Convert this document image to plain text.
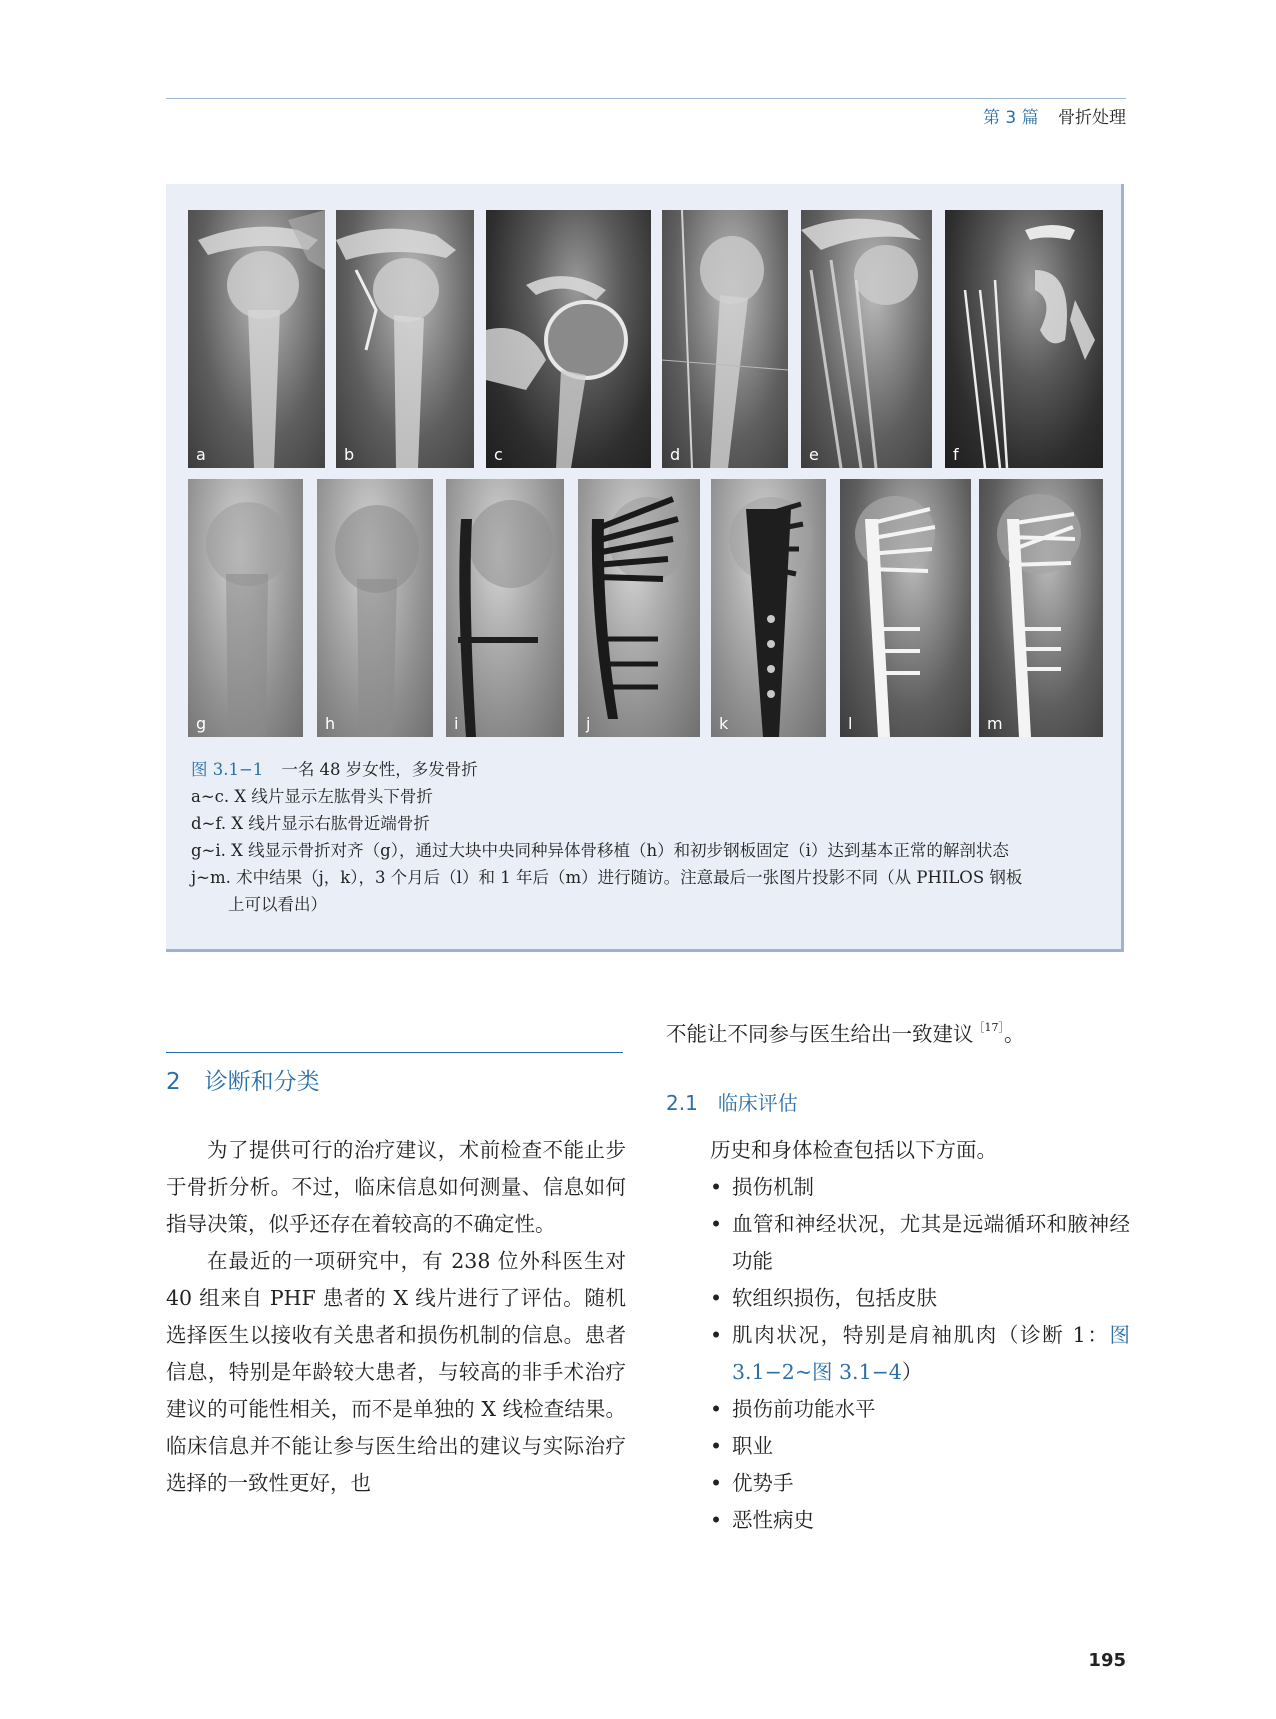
第 3 篇 骨折处理
a	b	c	d	e	f
g	h	i	j	k	l	m
图 3.1−1 一名 48 岁女性，多发骨折
a~c. X 线片显示左肱骨头下骨折
d~f. X 线片显示右肱骨近端骨折
g~i. X 线显示骨折对齐（g），通过大块中央同种异体骨移植（h）和初步钢板固定（i）达到基本正常的解剖状态
j~m. 术中结果（j，k），3 个月后（l）和 1 年后（m）进行随访。注意最后一张图片投影不同（从 PHILOS 钢板
上可以看出）
2 诊断和分类

为了提供可行的治疗建议，术前检查不能止步于骨折分析。不过，临床信息如何测量、信息如何指导决策，似乎还存在着较高的不确定性。

在最近的一项研究中，有 238 位外科医生对 40 组来自 PHF 患者的 X 线片进行了评估。随机选择医生以接收有关患者和损伤机制的信息。患者信息，特别是年龄较大患者，与较高的非手术治疗建议的可能性相关，而不是单独的 X 线检查结果。临床信息并不能让参与医生给出的建议与实际治疗选择的一致性更好，也

不能让不同参与医生给出一致建议$^{[17]}$。
2.1 临床评估

历史和身体检查包括以下方面。

• 损伤机制
• 血管和神经状况，尤其是远端循环和腋神经功能
• 软组织损伤，包括皮肤
• 肌肉状况，特别是肩袖肌肉（诊断 1：图 3.1−2~图 3.1−4）
• 损伤前功能水平
• 职业
• 优势手
• 恶性病史
195
